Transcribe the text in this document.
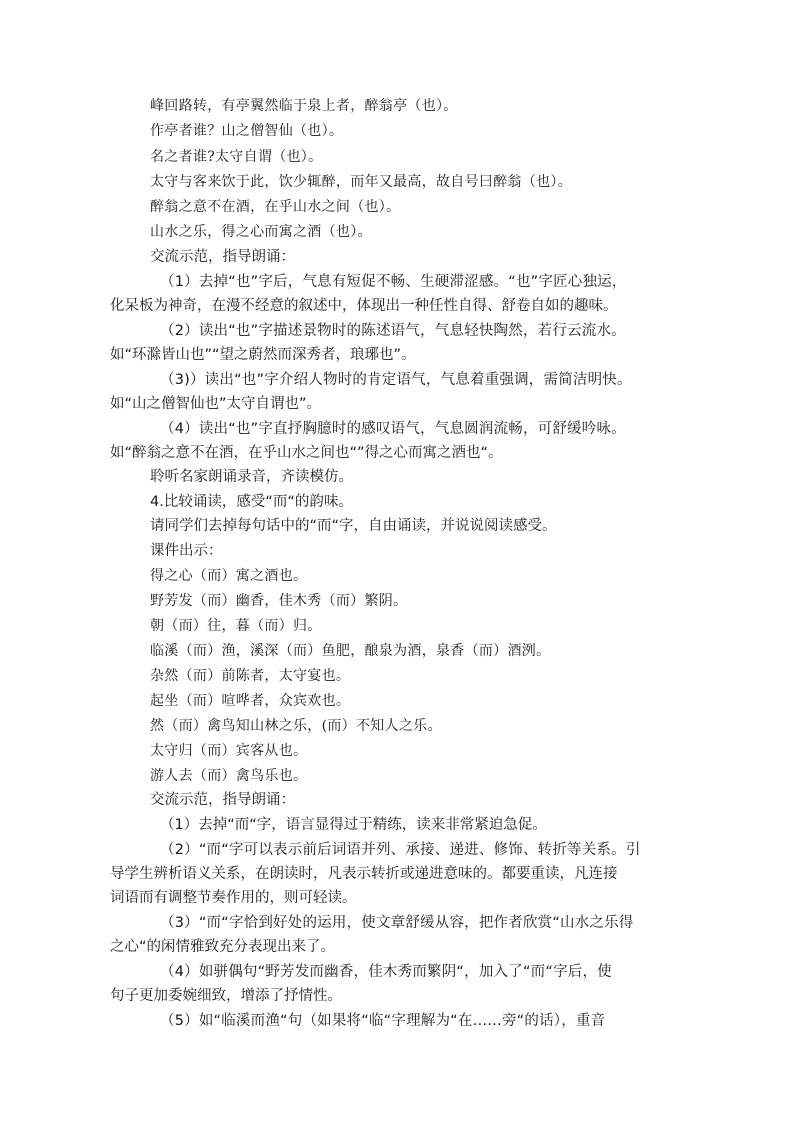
峰回路转，有亭翼然临于泉上者，醉翁亭（也）。
作亭者谁？山之僧智仙（也）。
名之者谁?太守自谓（也）。
太守与客来饮于此，饮少辄醉，而年又最高，故自号曰醉翁（也）。
醉翁之意不在酒，在乎山水之间（也）。
山水之乐，得之心而寓之酒（也）。
交流示范，指导朗诵：
（1）去掉“也”字后，气息有短促不畅、生硬滞涩感。“也”字匠心独运，
化呆板为神奇，在漫不经意的叙述中，体现出一种任性自得、舒卷自如的趣味。
（2）读出“也”字描述景物时的陈述语气，气息轻快陶然，若行云流水。
如“环滁皆山也”“望之蔚然而深秀者，琅琊也”。
（3)）读出“也”字介绍人物时的肯定语气，气息着重强调，需简洁明快。
如“山之僧智仙也”太守自谓也”。
（4）读出“也”字直抒胸臆时的感叹语气，气息圆润流畅，可舒缓吟咏。
如“醉翁之意不在酒，在乎山水之间也“”得之心而寓之酒也“。
聆听名家朗诵录音，齐读模仿。
4.比较诵读，感受“而“的韵味。
请同学们去掉每句话中的“而“字，自由诵读，并说说阅读感受。
课件出示：
得之心（而）寓之酒也。
野芳发（而）幽香，佳木秀（而）繁阴。
朝（而）往，暮（而）归。
临溪（而）渔，溪深（而）鱼肥，酿泉为酒，泉香（而）酒洌。
杂然（而）前陈者，太守宴也。
起坐（而）喧哗者，众宾欢也。
然（而）禽鸟知山林之乐，(而）不知人之乐。
太守归（而）宾客从也。
游人去（而）禽鸟乐也。
交流示范，指导朗诵：
（1）去掉“而“字，语言显得过于精练，读来非常紧迫急促。
（2）“而“字可以表示前后词语并列、承接、递进、修饰、转折等关系。引
导学生辨析语义关系，在朗读时，凡表示转折或递进意味的。都要重读，凡连接
词语而有调整节奏作用的，则可轻读。
（3）“而“字恰到好处的运用，使文章舒缓从容，把作者欣赏“山水之乐得
之心“的闲情雅致充分表现出来了。
（4）如骈偶句“野芳发而幽香，佳木秀而繁阴“，加入了“而“字后，使
句子更加委婉细致，增添了抒情性。
（5）如“临溪而渔“句（如果将“临“字理解为“在……旁“的话），重音
